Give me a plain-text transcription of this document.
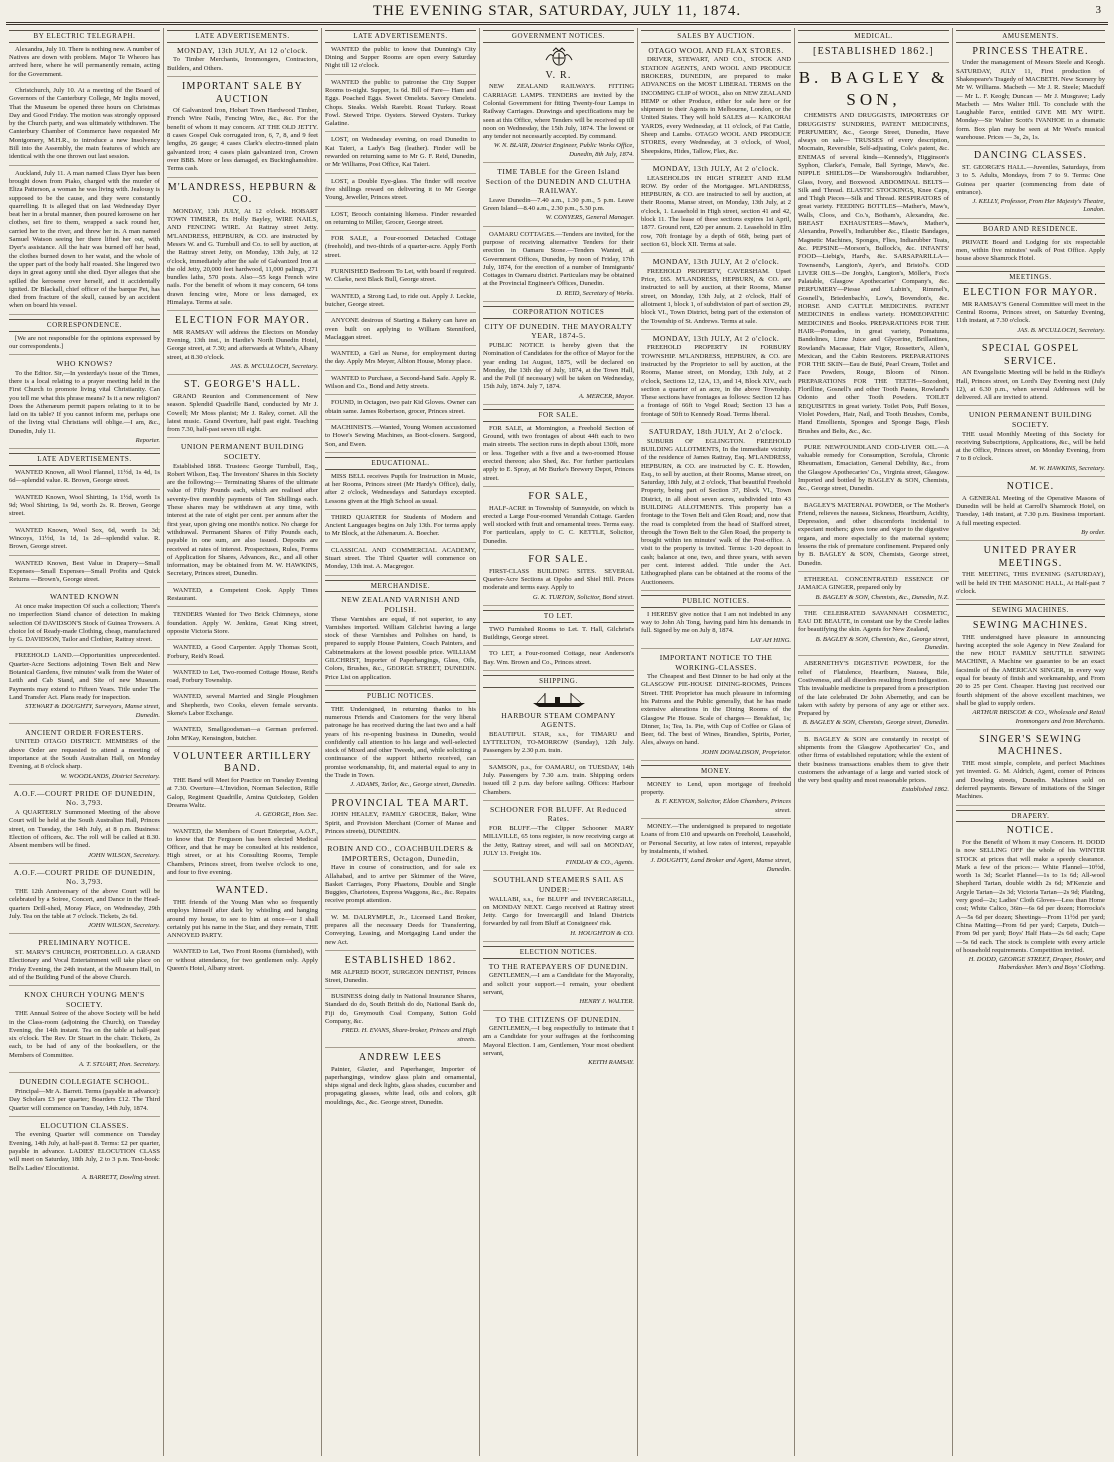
THE EVENING STAR, SATURDAY, JULY 11, 1874.	3
BY ELECTRIC TELEGRAPH.
Alexandra, July 10. There is nothing new. A number of Natives are down with problem. Major Te Wheoro has arrived here, where he will permanently remain, acting for the Government.
Christchurch, July 10. At a meeting of the Board of Governors of the Canterbury College, Mr Inglis moved, That the Museum be opened three hours on Christmas Day and Good Friday. The motion was strongly opposed by the Church party, and was ultimately withdrawn. The Canterbury Chamber of Commerce have requested Mr Montgomery, M.H.R., to introduce a new Insolvency Bill into the Assembly, the main features of which are identical with the one thrown out last session.
Auckland, July 11. A man named Class Dyer has been brought down from Piako, charged with the murder of Eliza Patterson, a woman he was living with. Jealousy is supposed to be the cause, and they were constantly quarrelling. It is alleged that on last Wednesday Dyer beat her in a brutal manner, then poured kerosene on her clothes, set fire to them, wrapped a sack round her, carried her to the river, and threw her in. A man named Samuel Watson seeing her there lifted her out, with Dyer's assistance. All the hair was burned off her head, the clothes burned down to her waist, and the whole of the upper part of the body half roasted. She lingered two days in great agony until she died. Dyer alleges that she spilled the kerosene over herself, and it accidentally ignited. Dr Blackall, chief officer of the barque Pet, has died from fracture of the skull, caused by an accident when on board his vessel.
CORRESPONDENCE.
[We are not responsible for the opinions expressed by our correspondents.]
WHO KNOWS?
To the Editor. Sir,—In yesterday's issue of the Times, there is a local relating to a prayer meeting held in the First Church to promote living vital Christianity. Can you tell me what this phrase means? Is it a new religion? Does the Athenæum permit papers relating to it to be laid on its table? If you cannot inform me, perhaps one of the living vital Christians will oblige.—I am, &c., Dunedin, July 11.
Reporter.
LATE ADVERTISEMENTS.
WANTED Known, all Wool Flannel, 11½d, 1s 4d, 1s 6d—splendid value. R. Brown, George street.
WANTED Known, Wool Shirting, 1s 1½d, worth 1s 9d; Wool Shirting, 1s 9d, worth 2s. R. Brown, George street.
WANTED Known, Wool Sox, 6d, worth 1s 3d; Wincoys, 11½d, 1s 1d, 1s 2d—splendid value. R. Brown, George street.
WANTED Known, Best Value in Drapery—Small Expenses—Small Expenses—Small Profits and Quick Returns —Brown's, George street.
WANTED KNOWN
At once make inspection Of such a collection; There's no imperfection Stand chance of detection In making selection Of DAVIDSON'S Stock of Guinea Trowsers. A choice lot of Ready-made Clothing, cheap, manufactured by G. DAVIDSON, Tailor and Clothier, Rattray street.
FREEHOLD LAND.—Opportunities unprecedented. Quarter-Acre Sections adjoining Town Belt and New Botanical Gardens, five minutes' walk from the Water of Leith and Cab Stand, and Site of new Museum. Payments may extend to Fifteen Years. Title under The Land Transfer Act. Plans ready for inspection.
STEWART & DOUGHTY, Surveyors, Manse street, Dunedin.
ANCIENT ORDER FORESTERS.
UNITED OTAGO DISTRICT. MEMBERS of the above Order are requested to attend a meeting of importance at the South Australian Hall, on Monday Evening, at 8 o'clock sharp.
W. WOODLANDS, District Secretary.
A.O.F.—COURT PRIDE OF DUNEDIN, No. 3,793.
A QUARTERLY Summoned Meeting of the above Court will be held at the South Australian Hall, Princes street, on Tuesday, the 14th July, at 8 p.m. Business: Election of officers, &c. The roll will be called at 8.30. Absent members will be fined.
JOHN WILSON, Secretary.
A.O.F.—COURT PRIDE OF DUNEDIN, No. 3,793.
THE 12th Anniversary of the above Court will be celebrated by a Soiree, Concert, and Dance in the Head-quarters Drill-shed, Moray Place, on Wednesday, 29th July. Tea on the table at 7 o'clock. Tickets, 2s 6d.
JOHN WILSON, Secretary.
PRELIMINARY NOTICE.
ST. MARY'S CHURCH, PORTOBELLO. A GRAND Electionary and Vocal Entertainment will take place on Friday Evening, the 24th instant, at the Museum Hall, in aid of the Building Fund of the above Church.
KNOX CHURCH YOUNG MEN'S SOCIETY.
THE Annual Soiree of the above Society will be held in the Class-room (adjoining the Church), on Tuesday Evening, the 14th instant. Tea on the table at half-past six o'clock. The Rev. Dr Stuart in the chair. Tickets, 2s each, to be had of any of the booksellers, or the Members of Committee.
A. T. STUART, Hon. Secretary.
DUNEDIN COLLEGIATE SCHOOL.
Principal—Mr A. Barrett. Terms (payable in advance): Day Scholars £3 per quarter; Boarders £12. The Third Quarter will commence on Tuesday, 14th July, 1874.
ELOCUTION CLASSES.
The evening Quarter will commence on Tuesday Evening, 14th July, at half-past 8. Terms: £2 per quarter, payable in advance. LADIES' ELOCUTION CLASS will meet on Saturday, 18th July, 2 to 3 p.m. Text-book: Bell's Ladies' Elocutionist.
A. BARRETT, Dowling street.
LATE ADVERTISEMENTS.
MONDAY, 13th JULY, At 12 o'clock.
To Timber Merchants, Ironmongers, Contractors, Builders, and Others.
IMPORTANT SALE BY AUCTION
Of Galvanized Iron, Hobart Town Hardwood Timber, French Wire Nails, Fencing Wire, &c., &c. For the benefit of whom it may concern. AT THE OLD JETTY. 8 cases Gospel Oak corrugated iron, 6, 7, 8, and 9 feet lengths, 26 gauge; 4 cases Clark's electro-tinned plain galvanized iron; 4 cases plain galvanized iron, Crown over BBB. More or less damaged, ex Buckinghamshire. Terms cash.
M'LANDRESS, HEPBURN & CO.
MONDAY, 13th JULY, At 12 o'clock. HOBART TOWN TIMBER, Ex Holly Bayley, WIRE NAILS, AND FENCING WIRE. At Rattray street Jetty. M'LANDRESS, HEPBURN, & CO. are instructed by Messrs W. and G. Turnbull and Co. to sell by auction, at the Rattray street Jetty, on Monday, 13th July, at 12 o'clock, immediately after the sale of Galvanized Iron at the old Jetty, 20,000 feet hardwood, 11,000 palings, 271 bundles laths, 570 posts. Also—55 kegs French wire nails. For the benefit of whom it may concern, 64 tons drawn fencing wire, More or less damaged, ex Himalaya. Terms at sale.
ELECTION FOR MAYOR.
MR RAMSAY will address the Electors on Monday Evening, 13th inst., in Hardie's North Dunedin Hotel, George street, at 7.30; and afterwards at White's, Albany street, at 8.30 o'clock.
JAS. B. M'CULLOCH, Secretary.
ST. GEORGE'S HALL.
GRAND Reunion and Commencement of New season. Splendid Quadrille Band, conducted by Mr J. Cowell; Mr Moss planist; Mr J. Raley, cornet. All the latest music. Grand Overture, half past eight. Teaching from 7.30, half-past seven till eight.
UNION PERMANENT BUILDING SOCIETY.
Established 1868. Trustees: George Turnbull, Esq., Robert Wilson, Esq. The Investors' Shares in this Society are the following:— Terminating Shares of the ultimate value of Fifty Pounds each, which are realised after seventy-five monthly payments of Ten Shillings each. These shares may be withdrawn at any time, with interest at the rate of eight per cent. per annum after the first year, upon giving one month's notice. No charge for withdrawal. Permanent Shares of Fifty Pounds each, payable in one sum, are also issued. Deposits are received at rates of interest. Prospectuses, Rules, Forms of Application for Shares, Advances, &c., and all other information, may be obtained from M. W. HAWKINS, Secretary, Princes street, Dunedin.
WANTED, a Competent Cook. Apply Times Restaurant.
TENDERS Wanted for Two Brick Chimneys, stone foundation. Apply W. Jenkins, Great King street, opposite Victoria Store.
WANTED, a Good Carpenter. Apply Thomas Scott, Forbury, Reid's Road.
WANTED to Let, Two-roomed Cottage House, Reid's road, Forbury Township.
WANTED, several Married and Single Ploughmen and Shepherds, two Cooks, eleven female servants. Skene's Labor Exchange.
WANTED, Smallgoodsman—a German preferred. John M'Kay, Kensington, butcher.
VOLUNTEER ARTILLERY BAND.
THE Band will Meet for Practice on Tuesday Evening at 7.30. Overture—L'Invidion, Norman Selection, Rifle Galop, Regiment Quadrille, Amina Quickstep, Golden Dreams Waltz.
A. GEORGE, Hon. Sec.
WANTED, the Members of Court Enterprise, A.O.F., to know that Dr Ferguson has been elected Medical Officer, and that he may be consulted at his residence, High street, or at his Consulting Rooms, Temple Chambers, Princes street, from twelve o'clock to one, and four to five evening.
WANTED.
THE friends of the Young Man who so frequently employs himself after dark by whistling and hanging around my house, to see to him at once—or I shall certainly put his name in the Star, and they remain, THE ANNOYED PARTY.
WANTED to Let, Two Front Rooms (furnished), with or without attendance, for two gentlemen only. Apply Queen's Hotel, Albany street.
LATE ADVERTISEMENTS.
WANTED the public to know that Dunning's City Dining and Supper Rooms are open every Saturday Night till 12 o'clock.
WANTED the public to patronise the City Supper Rooms to-night. Supper, 1s 6d. Bill of Fare— Ham and Eggs. Poached Eggs. Sweet Omelets. Savory Omelets. Chops. Steaks. Welsh Rarebit. Roast Turkey. Roast Fowl. Stewed Tripe. Oysters. Stewed Oysters. Turkey Galatine.
LOST, on Wednesday evening, on road Dunedin to Kai Taieri, a Lady's Bag (leather). Finder will be rewarded on returning same to Mr G. F. Reid, Dunedin, or Mr Williams, Post Office, Kai Taieri.
LOST, a Double Eye-glass. The finder will receive five shillings reward on delivering it to Mr George Young, Jeweller, Princes street.
LOST, Brooch containing likeness. Finder rewarded on returning to Miller, Grocer, George street.
FOR SALE, a Four-roomed Detached Cottage (freehold), and two-thirds of a quarter-acre. Apply Forth street.
FURNISHED Bedroom To Let, with board if required. W. Clarke, next Black Bull, George street.
WANTED, a Strong Lad, to ride out. Apply J. Leckie, butcher, George street.
ANYONE desirous of Starting a Bakery can have an oven built on applying to William Stenniford, Maclaggan street.
WANTED, a Girl as Nurse, for employment during the day. Apply Mrs Meyer, Albion House, Moray place.
WANTED to Purchase, a Second-hand Safe. Apply R. Wilson and Co., Bond and Jetty streets.
FOUND, in Octagon, two pair Kid Gloves. Owner can obtain same. James Robertson, grocer, Princes street.
MACHINISTS.—Wanted, Young Women accustomed to Howe's Sewing Machines, as Boot-closers. Sargood, Son, and Ewen.
EDUCATIONAL.
MISS BELL receives Pupils for Instruction in Music, at her Rooms, Princes street (Mr Hardy's Office), daily, after 2 o'clock, Wednesdays and Saturdays excepted. Lessons given at the High School as usual.
THIRD QUARTER for Students of Modern and Ancient Languages begins on July 13th. For terms apply to Mr Block, at the Athenæum. A. Boecher.
CLASSICAL AND COMMERCIAL ACADEMY, Stuart street. The Third Quarter will commence on Monday, 13th inst. A. Macgregor.
MERCHANDISE.
NEW ZEALAND VARNISH AND POLISH.
These Varnishes are equal, if not superior, to any Varnishes imported. William Gilchrist having a large stock of these Varnishes and Polishes on hand, is prepared to supply House Painters, Coach Painters, and Cabinetmakers at the lowest possible price. WILLIAM GILCHRIST, Importer of Paperhangings, Glass, Oils, Colors, Brushes, &c., GEORGE STREET, DUNEDIN. Price List on application.
PUBLIC NOTICES.
THE Undersigned, in returning thanks to his numerous Friends and Customers for the very liberal patronage he has received during the last two and a half years of his re-opening business in Dunedin, would confidently call attention to his large and well-selected stock of Mixed and other Tweeds, and, while soliciting a continuance of the support hitherto received, can promise workmanship, fit, and material equal to any in the Trade in Town.
J. ADAMS, Tailor, &c., George street, Dunedin.
PROVINCIAL TEA MART.
JOHN HEALEY, FAMILY GROCER, Baker, Wine Spirit, and Provision Merchant (Corner of Manse and Princes streets), DUNEDIN.
ROBIN AND CO., COACHBUILDERS & IMPORTERS, Octagon, Dunedin,
Have in course of construction, and for sale ex Allahabad, and to arrive per Skimmer of the Wave, Basket Carriages, Pony Phaetons, Double and Single Buggies, Chariotees, Express Waggons, &c., &c. Repairs receive prompt attention.
W. M. DALRYMPLE, Jr., Licensed Land Broker, prepares all the necessary Deeds for Transferring, Conveying, Leasing, and Mortgaging Land under the new Act.
ESTABLISHED 1862.
MR ALFRED BOOT, SURGEON DENTIST, Princes Street, Dunedin.
BUSINESS doing daily in National Insurance Shares, Standard do do, South British do do, National Bank do, Fiji do, Greymouth Coal Company, Sutton Gold Company, &c.
FRED. H. EVANS, Share-broker, Princes and High streets.
ANDREW LEES
Painter, Glazier, and Paperhanger, Importer of paperhangings, window glass plain and ornamental, ships signal and deck lights, glass shades, cucumber and propagating glasses, white lead, oils and colors, gilt mouldings, &c., &c. George street, Dunedin.
GOVERNMENT NOTICES.
V. R.
NEW ZEALAND RAILWAYS. FITTING CARRIAGE LAMPS. TENDERS are invited by the Colonial Government for fitting Twenty-four Lamps in Railway Carriages. Drawings and specifications may be seen at this Office, where Tenders will be received up till noon on Wednesday, the 15th July, 1874. The lowest or any tender not necessarily accepted. By command.
W. N. BLAIR, District Engineer, Public Works Office, Dunedin, 8th July, 1874.
TIME TABLE for the Green Island Section of the DUNEDIN AND CLUTHA RAILWAY.
Leave Dunedin—7.40 a.m., 1.30 p.m., 5 p.m. Leave Green Island—8.40 a.m., 2.30 p.m., 5.30 p.m.
W. CONYERS, General Manager.
OAMARU COTTAGES.—Tenders are invited, for the purpose of receiving alternative Tenders for their erection in Oamaru Stone.—Tenders Wanted, at Government Offices, Dunedin, by noon of Friday, 17th July, 1874, for the erection of a number of Immigrants' Cottages in Oamaru district. Particulars may be obtained at the Provincial Engineer's Offices, Dunedin.
D. REID, Secretary of Works.
CORPORATION NOTICES
CITY OF DUNEDIN. THE MAYORALTY YEAR, 1874-5.
PUBLIC NOTICE is hereby given that the Nomination of Candidates for the office of Mayor for the year ending 1st August, 1875, will be declared on Monday, the 13th day of July, 1874, at the Town Hall, and the Poll (if necessary) will be taken on Wednesday, 15th July, 1874. July 7, 1874.
A. MERCER, Mayor.
FOR SALE.
FOR SALE, at Mornington, a Freehold Section of Ground, with two frontages of about 44ft each to two main streets. The section runs in depth about 130ft, more or less. Together with a five and a two-roomed House erected thereon; also Shed, &c. For further particulars apply to E. Spray, at Mr Burke's Brewery Depot, Princes street.
FOR SALE,
HALF-ACRE in Township of Sunnyside, on which is erected a Large Four-roomed Verandah Cottage. Garden well stocked with fruit and ornamental trees. Terms easy. For particulars, apply to C. C. KETTLE, Solicitor, Dunedin.
FOR SALE.
FIRST-CLASS BUILDING SITES. SEVERAL Quarter-Acre Sections at Opoho and Shiel Hill. Prices moderate and terms easy. Apply to
G. K. TURTON, Solicitor, Bond street.
TO LET.
TWO Furnished Rooms to Let. T. Hall, Gilchrist's Buildings, George street.
TO LET, a Four-roomed Cottage, near Anderson's Bay. Wm. Brown and Co., Princes street.
SHIPPING.
HARBOUR STEAM COMPANY AGENTS.
BEAUTIFUL STAR, s.s., for TIMARU and LYTTELTON, TO-MORROW (Sunday), 12th July. Passengers by 2.30 p.m. train.
SAMSON, p.s., for OAMARU, on TUESDAY, 14th July. Passengers by 7.30 a.m. train. Shipping orders issued till 2 p.m. day before sailing. Offices: Harbour Chambers.
SCHOONER FOR BLUFF. At Reduced Rates.
FOR BLUFF.—The Clipper Schooner MARY MILLVILLE, 65 tons register, is now receiving cargo at the Jetty, Rattray street, and will sail on MONDAY, JULY 13. Freight 10s.
FINDLAY & CO., Agents.
SOUTHLAND STEAMERS SAIL AS UNDER:—
WALLABI, s.s., for BLUFF and INVERCARGILL, on MONDAY NEXT. Cargo received at Rattray street Jetty. Cargo for Invercargill and Inland Districts forwarded by rail from Bluff at Consignees' risk.
H. HOUGHTON & CO.
ELECTION NOTICES.
TO THE RATEPAYERS OF DUNEDIN.
GENTLEMEN,—I am a Candidate for the Mayoralty, and solicit your support.—I remain, your obedient servant,
HENRY J. WALTER.
TO THE CITIZENS OF DUNEDIN.
GENTLEMEN,—I beg respectfully to intimate that I am a Candidate for your suffrages at the forthcoming Mayoral Election. I am, Gentlemen, Your most obedient servant,
KEITH RAMSAY.
SALES BY AUCTION.
OTAGO WOOL AND FLAX STORES.
DRIVER, STEWART, AND CO., STOCK AND STATION AGENTS, AND WOOL AND PRODUCE BROKERS, DUNEDIN, are prepared to make ADVANCES on the MOST LIBERAL TERMS on the INCOMING CLIP of WOOL, also on NEW ZEALAND HEMP or other Produce, either for sale here or for shipment to their Agents in Melbourne, London, or the United States. They will hold SALES at— KAIKORAI YARDS, every Wednesday, at 11 o'clock, of Fat Cattle, Sheep and Lambs. OTAGO WOOL AND PRODUCE STORES, every Wednesday, at 3 o'clock, of Wool, Sheepskins, Hides, Tallow, Flax, &c.
MONDAY, 13th JULY, At 2 o'clock.
LEASEHOLDS IN HIGH STREET AND ELM ROW. By order of the Mortgagee. M'LANDRESS, HEPBURN, & CO. are instructed to sell by auction, at their Rooms, Manse street, on Monday, 13th July, at 2 o'clock, 1. Leasehold in High street, section 41 and 42, block 11. The lease of these sections expires 1st April, 1877. Ground rent, £20 per annum. 2. Leasehold in Elm row, 70ft frontage by a depth of 66ft, being part of section 61, block XII. Terms at sale.
MONDAY, 13th JULY, At 2 o'clock.
FREEHOLD PROPERTY, CAVERSHAM. Upset Price, £65. M'LANDRESS, HEPBURN, & CO. are instructed to sell by auction, at their Rooms, Manse street, on Monday, 13th July, at 2 o'clock, Half of allotment 1, block 1, of subdivision of part of section 29, block VI., Town District, being part of the extension of the Township of St. Andrews. Terms at sale.
MONDAY, 13th JULY, At 2 o'clock.
FREEHOLD PROPERTY IN FORBURY TOWNSHIP. M'LANDRESS, HEPBURN, & CO. are instructed by the Proprietor to sell by auction, at the Rooms, Manse street, on Monday, 13th July, at 2 o'clock, Sections 12, 12A, 13, and 14, Block XIV., each section a quarter of an acre, in the above Township. These sections have frontages as follows: Section 12 has a frontage of 66ft to Vogel Road; Section 13 has a frontage of 50ft to Kennedy Road. Terms liberal.
SATURDAY, 18th JULY, At 2 o'clock.
SUBURB OF EGLINGTON. FREEHOLD BUILDING ALLOTMENTS, In the immediate vicinity of the residence of James Rattray, Esq. M'LANDRESS, HEPBURN, & CO. are instructed by C. E. Howden, Esq., to sell by auction, at their Rooms, Manse street, on Saturday, 18th July, at 2 o'clock, That beautiful Freehold Property, being part of Section 37, Block VI., Town District, in all about seven acres, subdivided into 43 BUILDING ALLOTMENTS. This property has a frontage to the Town Belt and Glen Road; and, now that the road is completed from the head of Stafford street, through the Town Belt to the Glen Road, the property is brought within ten minutes' walk of the Post-office. A visit to the property is invited. Terms: 1-20 deposit in cash; balance at one, two, and three years, with seven per cent. interest added. Title under the Act. Lithographed plans can be obtained at the rooms of the Auctioneers.
PUBLIC NOTICES.
I HEREBY give notice that I am not indebted in any way to John Ah Tong, having paid him his demands in full. Signed by me on July 8, 1874.
LAY AH HING.
IMPORTANT NOTICE TO THE WORKING-CLASSES.
The Cheapest and Best Dinner to be had only at the GLASGOW PIE-HOUSE DINING-ROOMS, Princes Street. THE Proprietor has much pleasure in informing his Patrons and the Public generally, that he has made extensive alterations in the Dining Rooms of the Glasgow Pie House. Scale of charges— Breakfast, 1s; Dinner, 1s; Tea, 1s. Pie, with Cup of Coffee or Glass of Beer, 6d. The best of Wines, Brandies, Spirits, Porter, Ales, always on hand.
JOHN DONALDSON, Proprietor.
MONEY.
MONEY to Lend, upon mortgage of freehold property.
B. F. KENYON, Solicitor, Eldon Chambers, Princes street.
MONEY.—The undersigned is prepared to negotiate Loans of from £10 and upwards on Freehold, Leasehold, or Personal Security, at low rates of interest, repayable by instalments, if wished.
J. DOUGHTY, Land Broker and Agent, Manse street, Dunedin.
MEDICAL.
[ESTABLISHED 1862.]
B. BAGLEY & SON,
CHEMISTS AND DRUGGISTS, IMPORTERS OF DRUGGISTS' SUNDRIES, PATENT MEDICINES, PERFUMERY, &c., George Street, Dunedin, Have always on sale— TRUSSES of every description, Mocmain, Reversible, Self-adjusting, Cole's patent, &c. ENEMAS of several kinds—Kennedy's, Higginson's Syphon, Clarke's, Female, Ball Syringe, Maw's, &c. NIPPLE SHIELDS—Dr Wansborough's Indiarubber, Glass, Ivory, and Boxwood. ABDOMINAL BELTS—Silk and Thread. ELASTIC STOCKINGS, Knee Caps, and Thigh Pieces—Silk and Thread. RESPIRATORS of great variety. FEEDING BOTTLES—Mather's, Maw's, Walls, Cloos, and Co.'s, Botham's, Alexandra, &c. BREAST EXHAUSTERS—Maw's, Mather's, Alexandra, Powell's, Indiarubber &c., Elastic Bandages, Magnetic Machines, Sponges, Flies, Indiarubber Teats, &c. PEPSINE—Morson's, Bullock's, &c. INFANTS' FOOD—Liebig's, Hard's, &c. SARSAPARILLA—Townsend's, Langton's, Ayer's, and Bristol's. COD LIVER OILS—De Jongh's, Langton's, Möller's, Fox's Palatable, Glasgow Apothecaries' Company's, &c. PERFUMERY—Piesse and Lubin's, Rimmel's, Gosnell's, Briedenbach's, Low's, Bovendon's, &c. HORSE AND CATTLE MEDICINES. PATENT MEDICINES in endless variety. HOMŒOPATHIC MEDICINES and Books. PREPARATIONS FOR THE HAIR—Pomades, in great variety, Pomatums, Bandolines, Lime Juice and Glycerine, Brillantines, Rowland's Macassar, Hair Vigor, Rossetter's, Allen's, Mexican, and the Cabin Restorers. PREPARATIONS FOR THE SKIN—Eau de Buté, Pearl Cream, Toilet and Face Powders, Rouge, Bloom of Ninon. PREPARATIONS FOR THE TEETH—Sozodont, Florilline, Gosnell's and other Tooth Pastes, Rowland's Odonto and other Tooth Powders. TOILET REQUISITES in great variety. Toilet Pots, Puff Boxes, Violet Powders, Hair, Nail, and Tooth Brushes, Combs, Hand Emollients, Sponges and Sponge Bags, Flesh Brushes and Belts, &c., &c.
PURE NEWFOUNDLAND COD-LIVER OIL.—A valuable remedy for Consumption, Scrofula, Chronic Rheumatism, Emaciation, General Debility, &c., from the Glasgow Apothecaries' Co., Virginia street, Glasgow. Imported and bottled by BAGLEY & SON, Chemists, &c., George street, Dunedin.
BAGLEY'S MATERNAL POWDER, or The Mother's Friend, relieves the nausea, Sickness, Heartburn, Acidity, Depression, and other discomforts incidental to expectant mothers; gives tone and vigor to the digestive organs, and more especially to the maternal system; lessens the risk of premature confinement. Prepared only by B. BAGLEY & SON, Chemists, George street, Dunedin.
ETHEREAL CONCENTRATED ESSENCE OF JAMAICA GINGER, prepared only by
B. BAGLEY & SON, Chemists, &c., Dunedin, N.Z.
THE CELEBRATED SAVANNAH COSMETIC, EAU DE BEAUTE, in constant use by the Creole ladies for beautifying the skin. Agents for New Zealand,
B. BAGLEY & SON, Chemists, &c., George street, Dunedin.
ABERNETHY'S DIGESTIVE POWDER, for the relief of Flatulence, Heartburn, Nausea, Bile, Costiveness, and all disorders resulting from Indigestion. This invaluable medicine is prepared from a prescription of the late celebrated Dr John Abernethy, and can be taken with safety by persons of any age or either sex. Prepared by
B. BAGLEY & SON, Chemists, George street, Dunedin.
B. BAGLEY & SON are constantly in receipt of shipments from the Glasgow Apothecaries' Co., and other firms of established reputation; while the extent of their business transactions enables them to give their customers the advantage of a large and varied stock of the very best quality and most reasonable prices.
Established 1862.
AMUSEMENTS.
PRINCESS THEATRE.
Under the management of Messrs Steele and Keogh. SATURDAY, JULY 11, First production of Shakespeare's Tragedy of MACBETH. New Scenery by Mr W. Williams. Macbeth — Mr J. R. Steele; Macduff — Mr L. F. Keogh; Duncan — Mr J. Musgrave; Lady Macbeth — Mrs Walter Hill. To conclude with the Laughable Farce, entitled GIVE ME MY WIFE. Monday—Sir Walter Scott's IVANHOE in a dramatic form. Box plan may be seen at Mr West's musical warehouse. Prices — 3s, 2s, 1s.
DANCING CLASSES.
ST. GEORGE'S HALL.—Juveniles, Saturdays, from 3 to 5. Adults, Mondays, from 7 to 9. Terms: One Guinea per quarter (commencing from date of entrance).
J. KELLY, Professor, From Her Majesty's Theatre, London.
BOARD AND RESIDENCE.
PRIVATE Board and Lodging for six respectable men, within five minutes' walk of Post Office. Apply house above Shamrock Hotel.
MEETINGS.
ELECTION FOR MAYOR.
MR RAMSAY'S General Committee will meet in the Central Rooms, Princes street, on Saturday Evening, 11th instant, at 7.30 o'clock.
JAS. B. M'CULLOCH, Secretary.
SPECIAL GOSPEL SERVICE.
AN Evangelistic Meeting will be held in the Ridley's Hall, Princes street, on Lord's Day Evening next (July 12), at 6.30 p.m., when several Addresses will be delivered. All are invited to attend.
UNION PERMANENT BUILDING SOCIETY.
THE usual Monthly Meeting of this Society for receiving Subscriptions, Applications, &c., will be held at the Office, Princes street, on Monday Evening, from 7 to 8 o'clock.
M. W. HAWKINS, Secretary.
NOTICE.
A GENERAL Meeting of the Operative Masons of Dunedin will be held at Carroll's Shamrock Hotel, on Tuesday, 14th instant, at 7.30 p.m. Business important. A full meeting expected.
By order.
UNITED PRAYER MEETINGS.
THE MEETING, THIS EVENING (SATURDAY), will be held IN THE MASONIC HALL, At Half-past 7 o'clock.
SEWING MACHINES.
SEWING MACHINES.
THE undersigned have pleasure in announcing having accepted the sole Agency in New Zealand for the new HOLT FAMILY SHUTTLE SEWING MACHINE, A Machine we guarantee to be an exact facsimile of the AMERICAN SINGER, in every way equal for beauty of finish and workmanship, and From 20 to 25 per Cent. Cheaper. Having just received our fourth shipment of the above excellent machines, we shall be glad to supply orders.
ARTHUR BRISCOE & CO., Wholesale and Retail Ironmongers and Iron Merchants.
SINGER'S SEWING MACHINES.
THE most simple, complete, and perfect Machines yet invented. G. M. Aldrich, Agent, corner of Princes and Dowling streets, Dunedin. Machines sold on deferred payments. Beware of imitations of the Singer Machines.
DRAPERY.
NOTICE.
For the Benefit of Whom it may Concern. H. DODD is now SELLING OFF the whole of his WINTER STOCK at prices that will make a speedy clearance. Mark a few of the prices:— White Flannel—10½d, worth 1s 3d; Scarlet Flannel—1s to 1s 6d; All-wool Shepherd Tartan, double width 2s 6d; M'Kenzie and Argyle Tartan—2s 3d; Victoria Tartan—2s 9d; Plaiding, very good—2s; Ladies' Cloth Gloves—Less than Home cost; White Calico, 36in—6s 6d per dozen; Horrocks's A—5s 6d per dozen; Sheetings—From 11½d per yard; China Matting—From 6d per yard; Carpets, Dutch—From 9d per yard; Boys' Half Hats—2s 6d each; Cape—5s 6d each. The stock is complete with every article of household requirements. Competition invited.
H. DODD, GEORGE STREET, Draper, Hosier, and Haberdasher. Men's and Boys' Clothing.
